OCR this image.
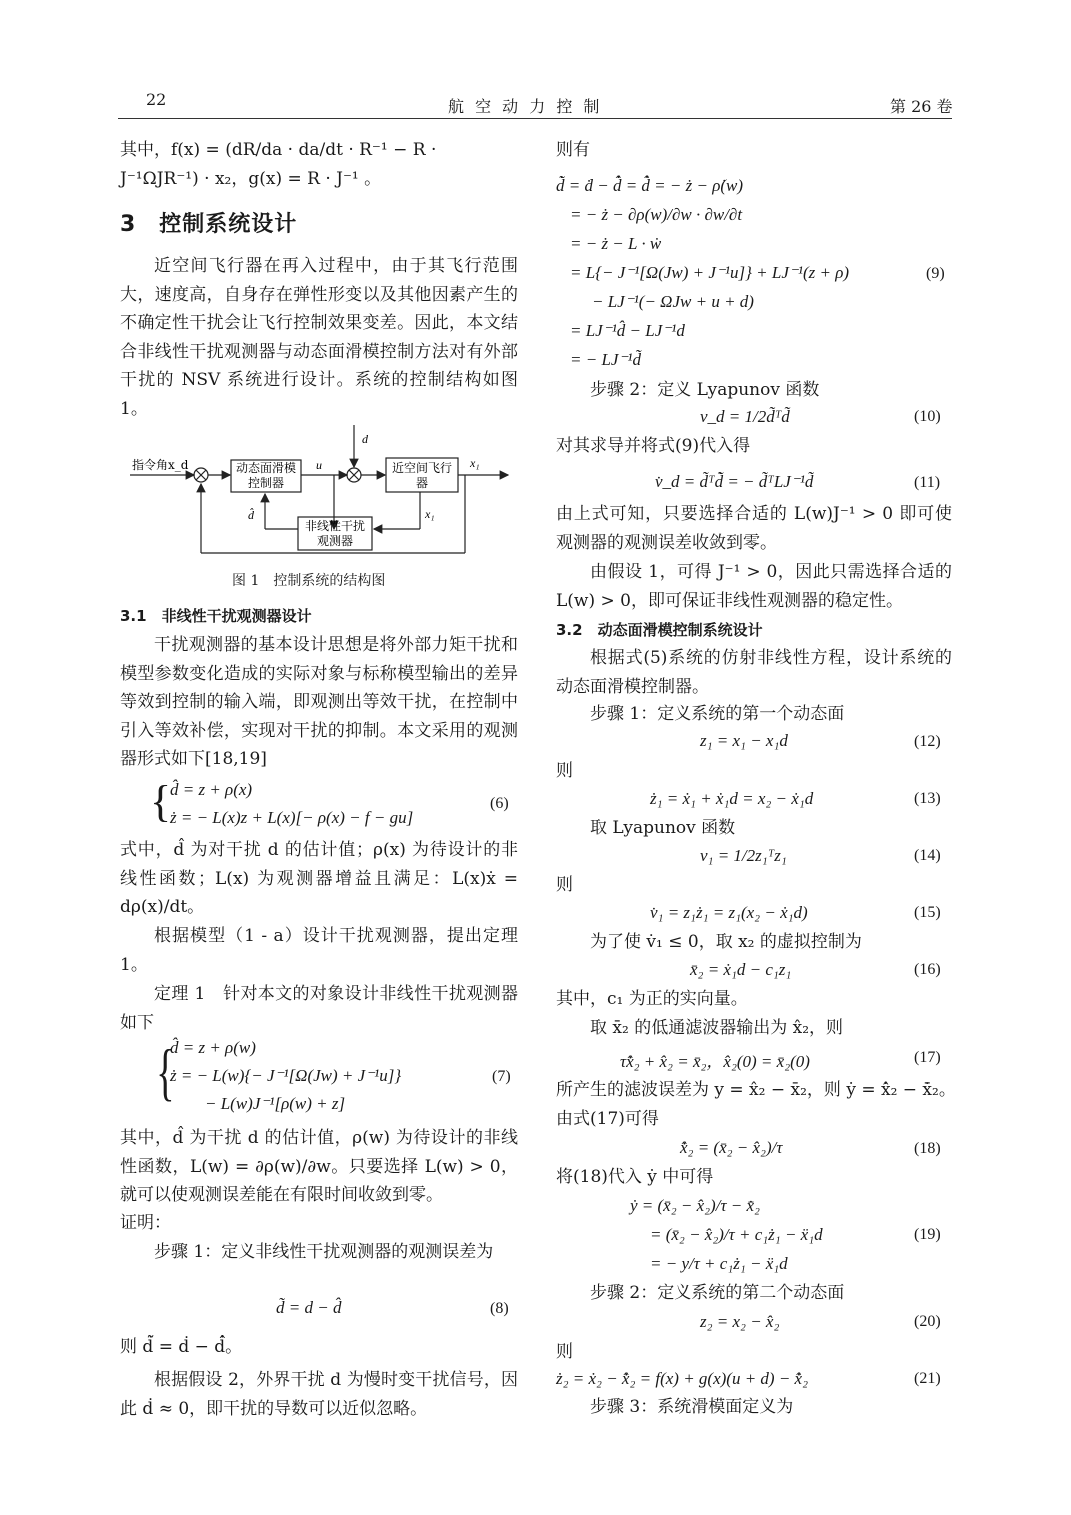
22	航 空 动 力 控 制	第 26 卷
其中，f(x) = (dR/da · da/dt · R⁻¹ − R ·
J⁻¹ΩJR⁻¹) · x₂，g(x) = R · J⁻¹ 。
3　控制系统设计
近空间飞行器在再入过程中，由于其飞行范围大，速度高，自身存在弹性形变以及其他因素产生的不确定性干扰会让飞行控制效果变差。因此，本文结合非线性干扰观测器与动态面滑模控制方法对有外部干扰的 NSV 系统进行设计。系统的控制结构如图 1。
指令角x_d
d
动态面滑模
控制器
u	近空间飞行
器
x₁
d̂
非线性干扰
观测器
x₁
图 1　控制系统的结构图
3.1　非线性干扰观测器设计
干扰观测器的基本设计思想是将外部力矩干扰和模型参数变化造成的实际对象与标称模型输出的差异等效到控制的输入端，即观测出等效干扰，在控制中引入等效补偿，实现对干扰的抑制。本文采用的观测器形式如下[18,19]
{
d̂ = z + ρ(x)
ż = − L(x)z + L(x)[− ρ(x) − f − gu]
(6)
式中，d̂ 为对干扰 d 的估计值；ρ(x) 为待设计的非线性函数；L(x) 为观测器增益且满足：L(x)ẋ = dρ(x)/dt。
根据模型（1 - a）设计干扰观测器，提出定理 1。
定理 1　针对本文的对象设计非线性干扰观测器如下
{
d̂ = z + ρ(w)
ż = − L(w){− J⁻¹[Ω(Jw) + J⁻¹u]}
− L(w)J⁻¹[ρ(w) + z]
(7)
其中，d̂ 为干扰 d 的估计值，ρ(w) 为待设计的非线性函数，L(w) = ∂ρ(w)/∂w。只要选择 L(w) > 0，就可以使观测误差能在有限时间收敛到零。
证明：
步骤 1：定义非线性干扰观测器的观测误差为
d̃ = d − d̂	(8)
则 d̃̇ = ḋ − d̂̇。
根据假设 2，外界干扰 d 为慢时变干扰信号，因此 ḋ ≈ 0，即干扰的导数可以近似忽略。
则有
d̃̇ = ḋ − d̂̇ = d̂̇ = − ż − ρ̇(w)
= − ż − ∂ρ(w)/∂w · ∂w/∂t
= − ż − L · ẇ
= L{− J⁻¹[Ω(Jw) + J⁻¹u]} + LJ⁻¹(z + ρ)
− LJ⁻¹(− ΩJw + u + d)
= LJ⁻¹d̂ − LJ⁻¹d
= − LJ⁻¹d̃
(9)
步骤 2：定义 Lyapunov 函数
v_d = 1/2d̃ᵀd̃	(10)
对其求导并将式(9)代入得
v̇_d = d̃ᵀd̃̇ = − d̃ᵀLJ⁻¹d̃	(11)
由上式可知，只要选择合适的 L(w)J⁻¹ > 0 即可使观测器的观测误差收敛到零。
由假设 1，可得 J⁻¹ > 0，因此只需选择合适的 L(w) > 0，即可保证非线性观测器的稳定性。
3.2　动态面滑模控制系统设计
根据式(5)系统的仿射非线性方程，设计系统的动态面滑模控制器。
步骤 1：定义系统的第一个动态面
z₁ = x₁ − x₁d	(12)
则
ż₁ = ẋ₁ + ẋ₁d = x₂ − ẋ₁d	(13)
取 Lyapunov 函数
v₁ = 1/2z₁ᵀz₁	(14)
则
v̇₁ = z₁ż₁ = z₁(x₂ − ẋ₁d)	(15)
为了使 v̇₁ ≤ 0，取 x₂ 的虚拟控制为
x̄₂ = ẋ₁d − c₁z₁	(16)
其中，c₁ 为正的实向量。
取 x̄₂ 的低通滤波器输出为 x̂₂，则
τx̂̇₂ + x̂₂ = x̄₂，x̂₂(0) = x̄₂(0)	(17)
所产生的滤波误差为 y = x̂₂ − x̄₂，则 ẏ = x̂̇₂ − x̄̇₂。
由式(17)可得
x̂̇₂ = (x̄₂ − x̂₂)/τ	(18)
将(18)代入 ẏ 中可得
ẏ = (x̄₂ − x̂₂)/τ − x̄̇₂
= (x̄₂ − x̂₂)/τ + c₁ż₁ − ẍ₁d
= − y/τ + c₁ż₁ − ẍ₁d
(19)
步骤 2：定义系统的第二个动态面
z₂ = x₂ − x̂₂	(20)
则
ż₂ = ẋ₂ − x̂̇₂ = f(x) + g(x)(u + d) − x̂̇₂	(21)
步骤 3：系统滑模面定义为
